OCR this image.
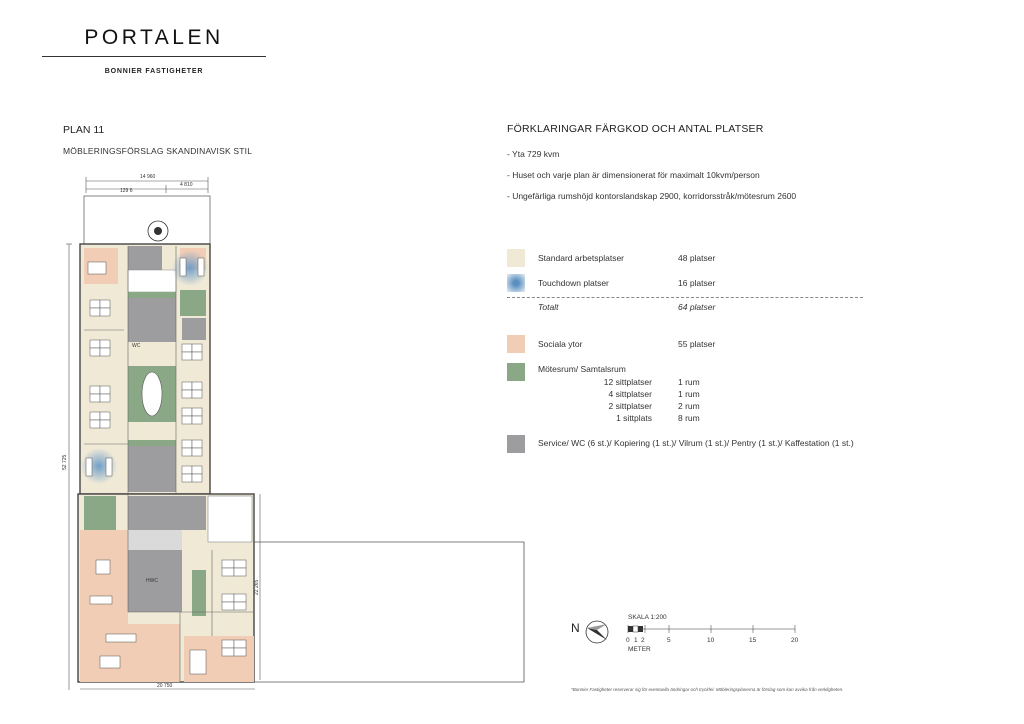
PORTALEN
BONNIER FASTIGHETER
PLAN 11
MÖBLERINGSFÖRSLAG SKANDINAVISK STIL
14 960
4 810
129 6
52 725
22 265
20 750
WC
HWC
FÖRKLARINGAR FÄRGKOD OCH ANTAL PLATSER
- Yta 729 kvm
- Huset och varje plan är dimensionerat för maximalt 10kvm/person
- Ungefärliga rumshöjd kontorslandskap 2900, korridorsstråk/mötesrum 2600
Standard arbetsplatser	48 platser
Touchdown platser	16 platser
Totalt	64 platser
Sociala ytor	55 platser
Mötesrum/ Samtalsrum
12 sittplatser	1 rum
4 sittplatser	1 rum
2 sittplatser	2 rum
1 sittplats	8 rum
Service/ WC (6 st.)/ Kopiering (1 st.)/ Vilrum (1 st.)/ Pentry (1 st.)/ Kaffestation (1 st.)
N
SKALA 1:200
0 1 2	5	10	15	20
METER
*Bonnier Fastigheter reserverar sig för eventuella ändringar och tryckfel. Möbleringsplanerna är förslag som kan avvika från verkligheten.
